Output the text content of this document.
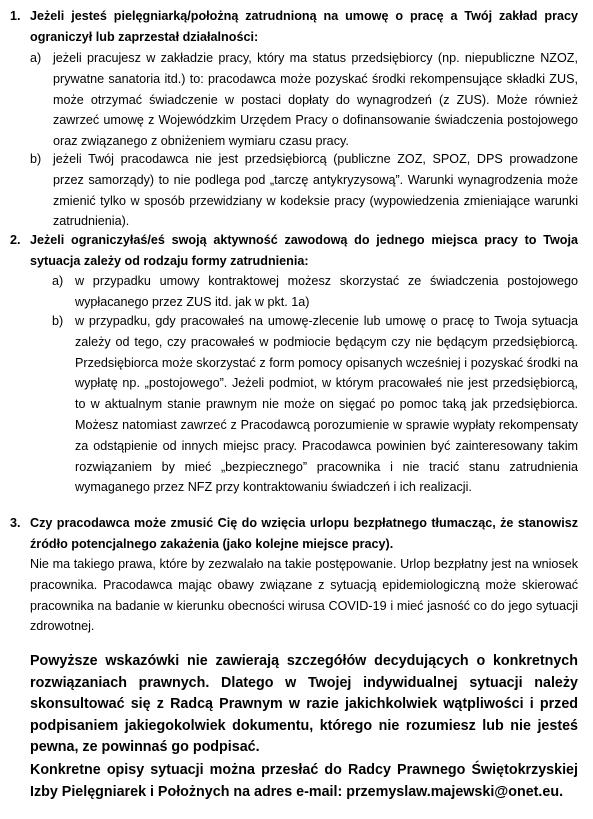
1. Jeżeli jesteś pielęgniarką/położną zatrudnioną na umowę o pracę a Twój zakład pracy ograniczył lub zaprzestał działalności:

a) jeżeli pracujesz w zakładzie pracy, który ma status przedsiębiorcy (np. niepubliczne NZOZ, prywatne sanatoria itd.) to: pracodawca może pozyskać środki rekompensujące składki ZUS, może otrzymać świadczenie w postaci dopłaty do wynagrodzeń (z ZUS). Może również zawrzeć umowę z Wojewódzkim Urzędem Pracy o dofinansowanie świadczenia postojowego oraz związanego z obniżeniem wymiaru czasu pracy.

b) jeżeli Twój pracodawca nie jest przedsiębiorcą (publiczne ZOZ, SPOZ, DPS prowadzone przez samorządy) to nie podlega pod „tarczę antykryzysową”. Warunki wynagrodzenia może zmienić tylko w sposób przewidziany w kodeksie pracy (wypowiedzenia zmieniające warunki zatrudnienia).

2. Jeżeli ograniczyłaś/eś swoją aktywność zawodową do jednego miejsca pracy to Twoja sytuacja zależy od rodzaju formy zatrudnienia:

a) w przypadku umowy kontraktowej możesz skorzystać ze świadczenia postojowego wypłacanego przez ZUS itd. jak w pkt. 1a)

b) w przypadku, gdy pracowałeś na umowę-zlecenie lub umowę o pracę to Twoja sytuacja zależy od tego, czy pracowałeś w podmiocie będącym czy nie będącym przedsiębiorcą. Przedsiębiorca może skorzystać z form pomocy opisanych wcześniej i pozyskać środki na wypłatę np. „postojowego”. Jeżeli podmiot, w którym pracowałeś nie jest przedsiębiorcą, to w aktualnym stanie prawnym nie może on sięgać po pomoc taką jak przedsiębiorca. Możesz natomiast zawrzeć z Pracodawcą porozumienie w sprawie wypłaty rekompensaty za odstąpienie od innych miejsc pracy. Pracodawca powinien być zainteresowany takim rozwiązaniem by mieć „bezpiecznego” pracownika i nie tracić stanu zatrudnienia wymaganego przez NFZ przy kontraktowaniu świadczeń i ich realizacji.

3. Czy pracodawca może zmusić Cię do wzięcia urlopu bezpłatnego tłumacząc, że stanowisz źródło potencjalnego zakażenia (jako kolejne miejsce pracy).

Nie ma takiego prawa, które by zezwalało na takie postępowanie. Urlop bezpłatny jest na wniosek pracownika. Pracodawca mając obawy związane z sytuacją epidemiologiczną może skierować pracownika na badanie w kierunku obecności wirusa COVID-19 i mieć jasność co do jego sytuacji zdrowotnej.

Powyższe wskazówki nie zawierają szczegółów decydujących o konkretnych rozwiązaniach prawnych. Dlatego w Twojej indywidualnej sytuacji należy skonsultować się z Radcą Prawnym w razie jakichkolwiek wątpliwości i przed podpisaniem jakiegokolwiek dokumentu, którego nie rozumiesz lub nie jesteś pewna, ze powinnaś go podpisać.

Konkretne opisy sytuacji można przesłać do Radcy Prawnego Świętokrzyskiej Izby Pielęgniarek i Położnych na adres e-mail: przemyslaw.majewski@onet.eu.
